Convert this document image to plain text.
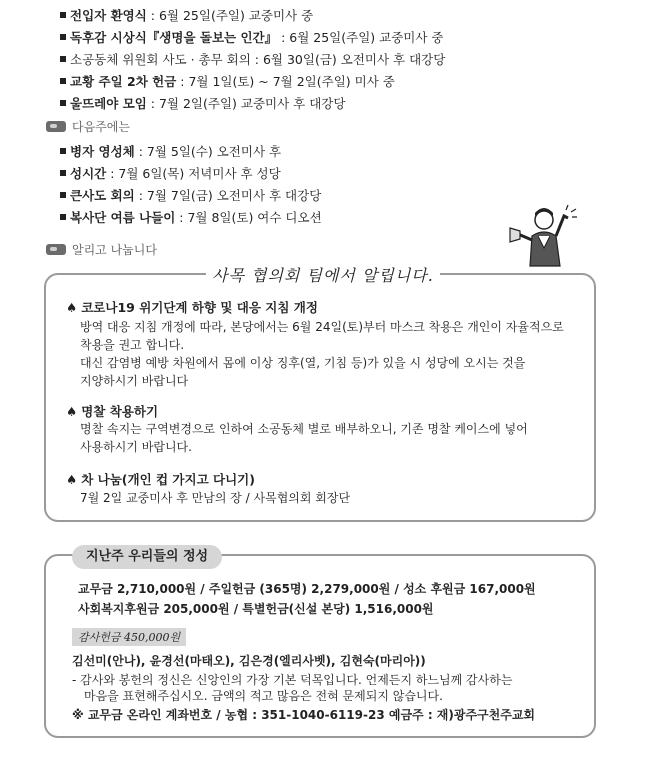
전입자 환영식 : 6월 25일(주일) 교중미사 중
독후감 시상식『생명을 돌보는 인간』 : 6월 25일(주일) 교중미사 중
소공동체 위원회 사도 · 총무 회의 : 6월 30일(금) 오전미사 후 대강당
교황 주일 2차 헌금 : 7월 1일(토) ~ 7월 2일(주일) 미사 중
울뜨레야 모임 : 7월 2일(주일) 교중미사 후 대강당
다음주에는
병자 영성체 : 7월 5일(수) 오전미사 후
성시간 : 7월 6일(목) 저녁미사 후 성당
큰사도 회의 : 7월 7일(금) 오전미사 후 대강당
복사단 여름 나들이 : 7월 8일(토) 여수 디오션
알리고 나눕니다
사목 협의회 팀에서 알립니다.
♠ 코로나19 위기단계 하향 및 대응 지침 개정
방역 대응 지침 개정에 따라, 본당에서는 6월 24일(토)부터 마스크 착용은 개인이 자율적으로
착용을 권고 합니다.
대신 감염병 예방 차원에서 몸에 이상 징후(열, 기침 등)가 있을 시 성당에 오시는 것을
지양하시기 바랍니다
♠ 명찰 착용하기
명찰 속지는 구역변경으로 인하여 소공동체 별로 배부하오니, 기존 명찰 케이스에 넣어
사용하시기 바랍니다.
♠ 차 나눔(개인 컵 가지고 다니기)
7월 2일 교중미사 후 만남의 장 / 사목협의회 회장단
지난주 우리들의 정성
교무금 2,710,000원 / 주일헌금 (365명) 2,279,000원 / 성소 후원금 167,000원
사회복지후원금 205,000원 / 특별헌금(신설 본당) 1,516,000원
감사헌금 450,000원
김선미(안나), 윤경선(마태오), 김은경(엘리사벳), 김현숙(마리아))
- 감사와 봉헌의 정신은 신앙인의 가장 기본 덕목입니다. 언제든지 하느님께 감사하는
마음을 표현해주십시오. 금액의 적고 많음은 전혀 문제되지 않습니다.
※ 교무금 온라인 계좌번호 / 농협 : 351-1040-6119-23 예금주 : 재)광주구천주교회
